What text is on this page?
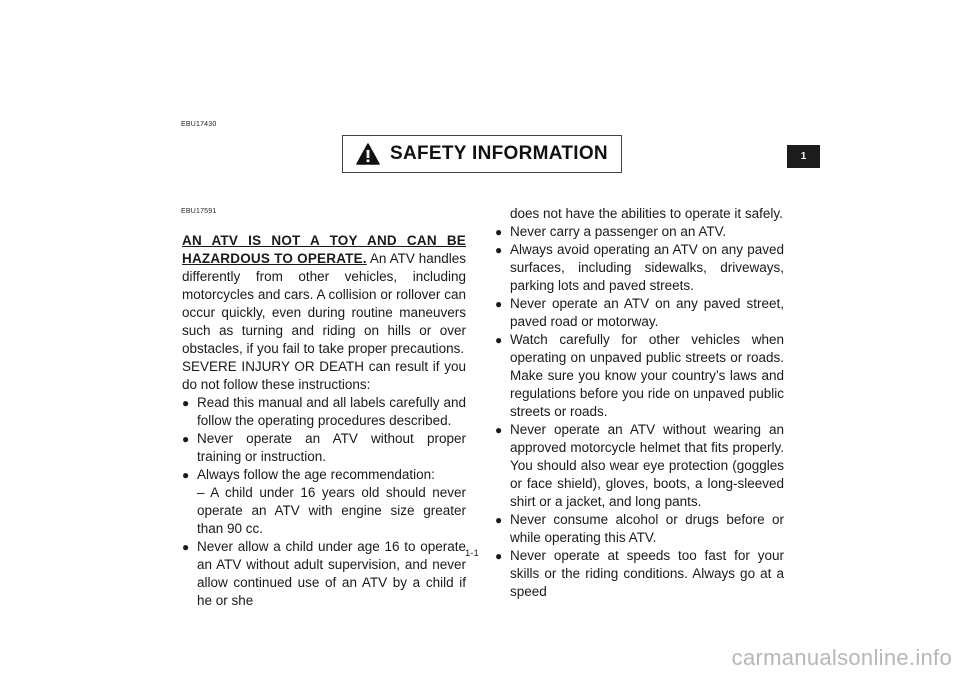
EBU17430
SAFETY INFORMATION	1
EBU17591

AN ATV IS NOT A TOY AND CAN BE HAZARDOUS TO OPERATE. An ATV handles differently from other vehicles, including motorcycles and cars. A collision or rollover can occur quickly, even during routine maneuvers such as turning and riding on hills or over obstacles, if you fail to take proper precautions.

SEVERE INJURY OR DEATH can result if you do not follow these instructions:

● Read this manual and all labels carefully and follow the operating procedures described.

● Never operate an ATV without proper training or instruction.

● Always follow the age recommendation:

– A child under 16 years old should never operate an ATV with engine size greater than 90 cc.

● Never allow a child under age 16 to operate an ATV without adult supervision, and never allow continued use of an ATV by a child if he or she

does not have the abilities to operate it safely.

● Never carry a passenger on an ATV.

● Always avoid operating an ATV on any paved surfaces, including sidewalks, driveways, parking lots and paved streets.

● Never operate an ATV on any paved street, paved road or motorway.

● Watch carefully for other vehicles when operating on unpaved public streets or roads. Make sure you know your country’s laws and regulations before you ride on unpaved public streets or roads.

● Never operate an ATV without wearing an approved motorcycle helmet that fits properly. You should also wear eye protection (goggles or face shield), gloves, boots, a long-sleeved shirt or a jacket, and long pants.

● Never consume alcohol or drugs before or while operating this ATV.

● Never operate at speeds too fast for your skills or the riding conditions. Always go at a speed

1-1
carmanualsonline.info
